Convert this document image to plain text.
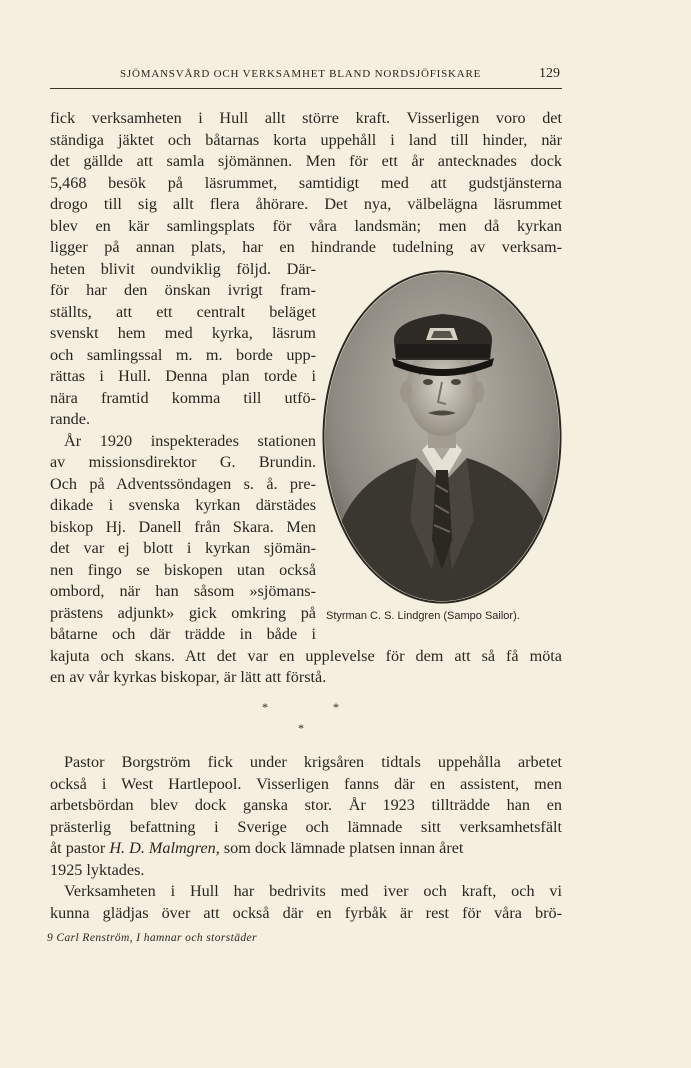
SJÖMANSVÅRD OCH VERKSAMHET BLAND NORDSJÖFISKARE	129

fick verksamheten i Hull allt större kraft. Visserligen voro det

ständiga jäktet och båtarnas korta uppehåll i land till hinder, när

det gällde att samla sjömännen. Men för ett år antecknades dock

5,468 besök på läsrummet, samtidigt med att gudstjänsterna

drogo till sig allt flera åhörare. Det nya, välbelägna läsrummet

blev en kär samlingsplats för våra landsmän; men då kyrkan

ligger på annan plats, har en hindrande tudelning av verksam-

heten blivit oundviklig följd. Där-

för har den önskan ivrigt fram-

ställts, att ett centralt beläget

svenskt hem med kyrka, läsrum

och samlingssal m. m. borde upp-

rättas i Hull. Denna plan torde i

nära framtid komma till utfö-

rande.

År 1920 inspekterades stationen

av missionsdirektor G. Brundin.

Och på Adventssöndagen s. å. pre-

dikade i svenska kyrkan därstädes

biskop Hj. Danell från Skara. Men

det var ej blott i kyrkan sjömän-

nen fingo se biskopen utan också

ombord, när han såsom »sjömans-

prästens adjunkt» gick omkring på

båtarne och där trädde in både i

kajuta och skans. Att det var en upplevelse för dem att så få möta

en av vår kyrkas biskopar, är lätt att förstå.

Styrman C. S. Lindgren (Sampo Sailor).
*	*
*

Pastor Borgström fick under krigsåren tidtals uppehålla arbetet

också i West Hartlepool. Visserligen fanns där en assistent, men

arbetsbördan blev dock ganska stor. År 1923 tillträdde han en

prästerlig befattning i Sverige och lämnade sitt verksamhetsfält

åt pastor H. D. Malmgren, som dock lämnade platsen innan året

1925 lyktades.

Verksamheten i Hull har bedrivits med iver och kraft, och vi

kunna glädjas över att också där en fyrbåk är rest för våra brö-

9 Carl Renström, I hamnar och storstäder
